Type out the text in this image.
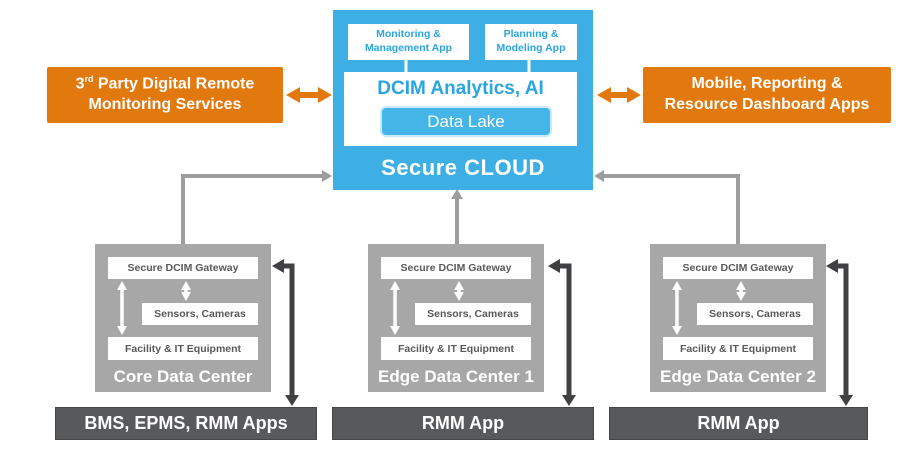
Monitoring &
Management App
Planning &
Modeling App
DCIM Analytics, AI
Data Lake
Secure CLOUD
3rd Party Digital Remote
Monitoring Services
Mobile, Reporting &
Resource Dashboard Apps
Secure DCIM Gateway
Sensors, Cameras
Facility & IT Equipment
Core Data Center
Secure DCIM Gateway
Sensors, Cameras
Facility & IT Equipment
Edge Data Center 1
Secure DCIM Gateway
Sensors, Cameras
Facility & IT Equipment
Edge Data Center 2
BMS, EPMS, RMM Apps	RMM App	RMM App
